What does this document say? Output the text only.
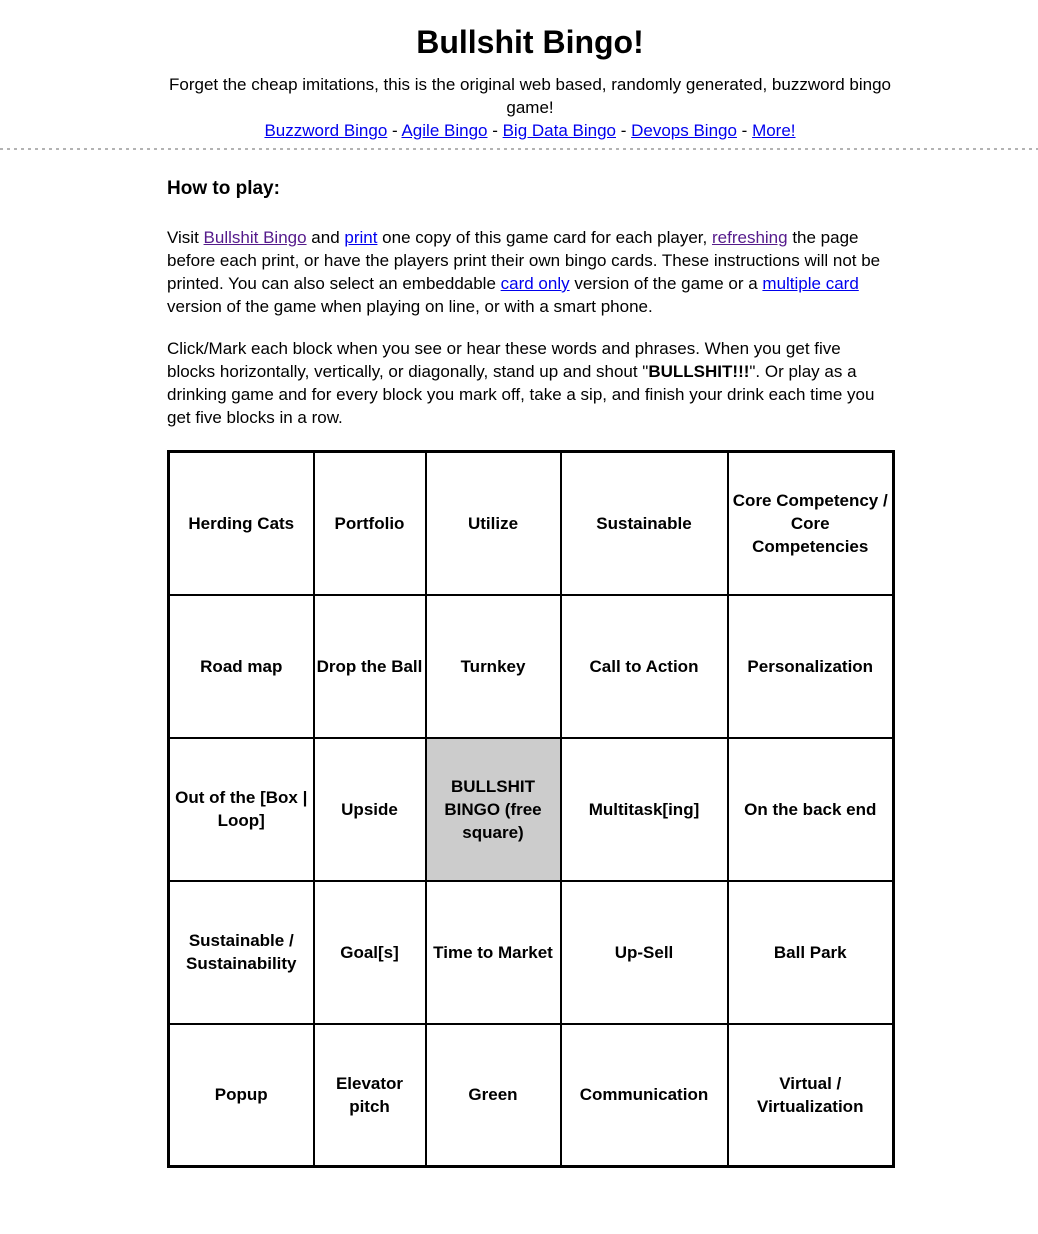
Bullshit Bingo!

Forget the cheap imitations, this is the original web based, randomly generated, buzzword bingo game!
Buzzword Bingo - Agile Bingo - Big Data Bingo - Devops Bingo - More!

How to play:

Visit Bullshit Bingo and print one copy of this game card for each player, refreshing the page before each print, or have the players print their own bingo cards. These instructions will not be printed. You can also select an embeddable card only version of the game or a multiple card version of the game when playing on line, or with a smart phone.

Click/Mark each block when you see or hear these words and phrases. When you get five blocks horizontally, vertically, or diagonally, stand up and shout "BULLSHIT!!!". Or play as a drinking game and for every block you mark off, take a sip, and finish your drink each time you get five blocks in a row.

Herding Cats	Portfolio	Utilize	Sustainable	Core Competency / Core Competencies
Road map	Drop the Ball	Turnkey	Call to Action	Personalization
Out of the [Box | Loop]	Upside	BULLSHIT BINGO (free square)	Multitask[ing]	On the back end
Sustainable / Sustainability	Goal[s]	Time to Market	Up-Sell	Ball Park
Popup	Elevator pitch	Green	Communication	Virtual / Virtualization
